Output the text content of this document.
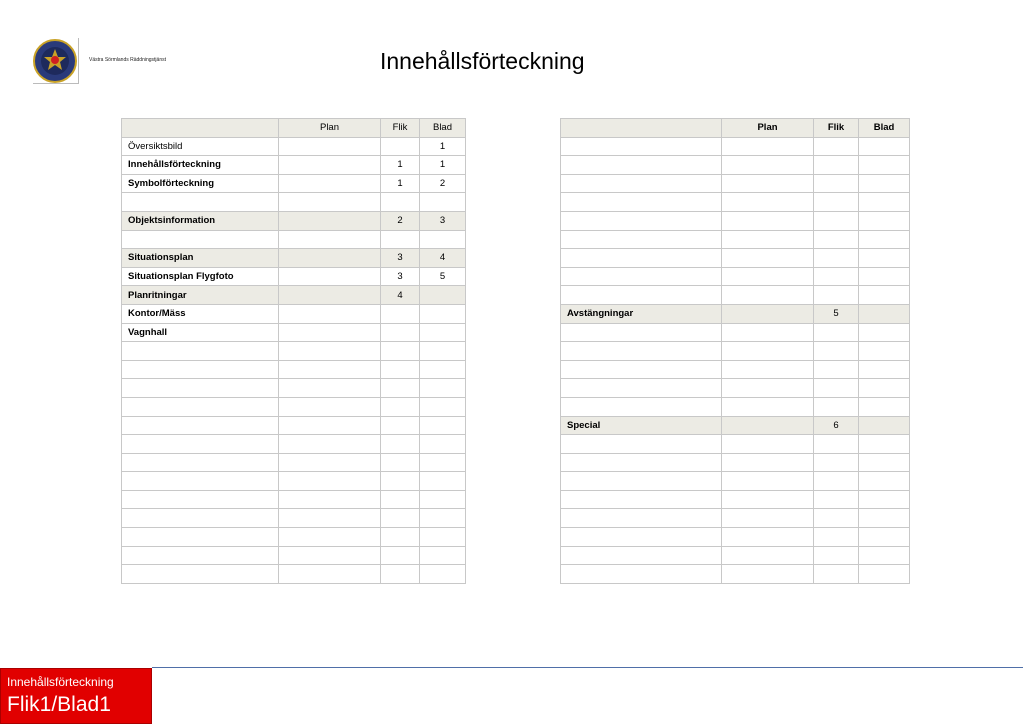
Västra Sörmlands Räddningstjänst	Innehållsförteckning
	Plan	Flik	Blad
Översiktsbild			1
Innehållsförteckning		1	1
Symbolförteckning		1	2

Objektsinformation		2	3

Situationsplan		3	4
Situationsplan Flygfoto		3	5
Planritningar		4	
Kontor/Mäss			
Vagnhall			

	Plan	Flik	Blad

Avstängningar		5	

Special		6	

Innehållsförteckning
Flik1/Blad1
